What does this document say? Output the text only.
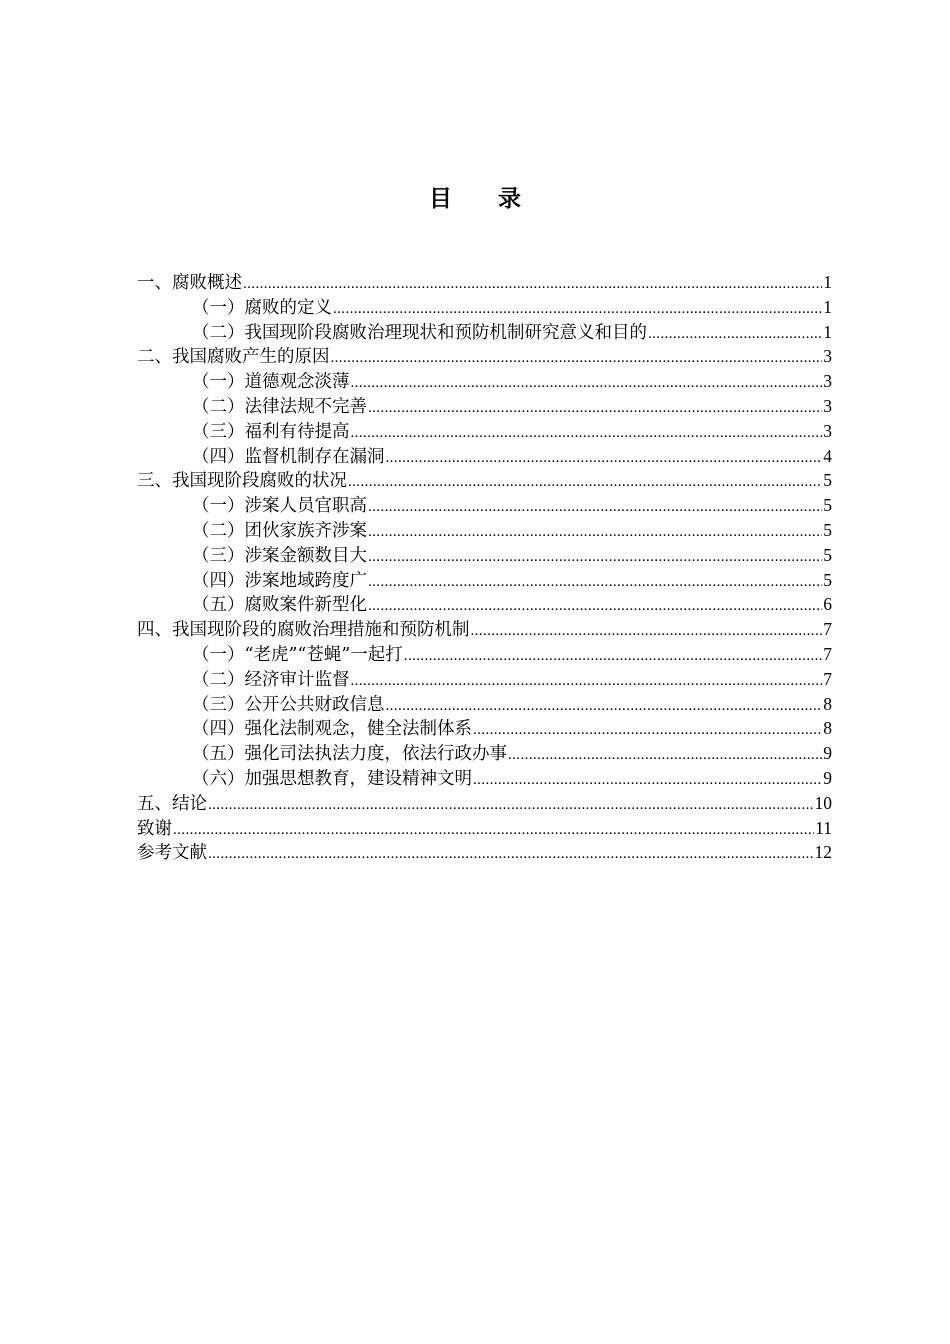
目 录
一、腐败概述 .....	1
（一）腐败的定义 .....	1
（二）我国现阶段腐败治理现状和预防机制研究意义和目的 .....	1
二、我国腐败产生的原因 .....	3
（一）道德观念淡薄 .....	3
（二）法律法规不完善 .....	3
（三）福利有待提高 .....	3
（四）监督机制存在漏洞 .....	4
三、我国现阶段腐败的状况 .....	5
（一）涉案人员官职高 .....	5
（二）团伙家族齐涉案 .....	5
（三）涉案金额数目大 .....	5
（四）涉案地域跨度广 .....	5
（五）腐败案件新型化 .....	6
四、我国现阶段的腐败治理措施和预防机制 .....	7
（一）“老虎”“苍蝇”一起打 .....	7
（二）经济审计监督 .....	7
（三）公开公共财政信息 .....	8
（四）强化法制观念，健全法制体系 .....	8
（五）强化司法执法力度，依法行政办事 .....	9
（六）加强思想教育，建设精神文明 .....	9
五、结论 .....	10
致谢 .....	11
参考文献 .....	12
